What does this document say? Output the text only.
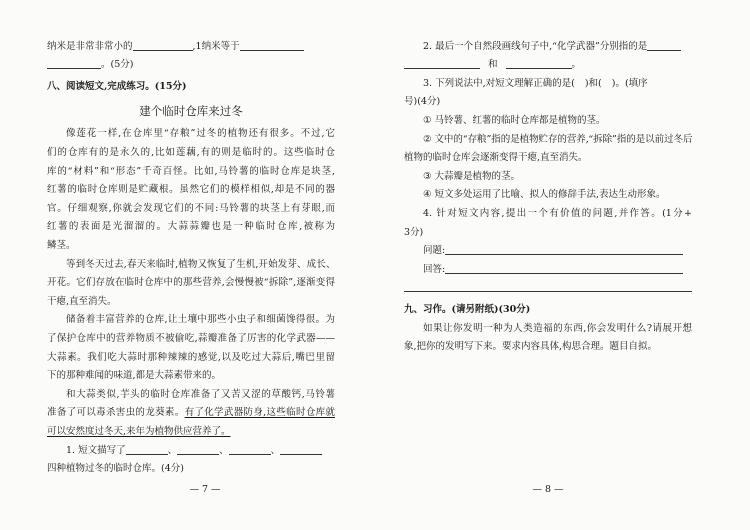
纳米是非常非常小的	,1纳米等于
。(5分)
八、阅读短文,完成练习。(15分)
建个临时仓库来过冬
像莲花一样,在仓库里“存粮”过冬的植物还有很多。不过,它
们的仓库有的是永久的,比如莲藕,有的则是临时的。这些临时仓
库的“材料”和“形态”千奇百怪。比如,马铃薯的临时仓库是块茎,
红薯的临时仓库则是贮藏根。虽然它们的模样相似,却是不同的器
官。仔细观察,你就会发现它们的不同:马铃薯的块茎上有芽眼,而
红薯的表面是光溜溜的。大蒜蒜瓣也是一种临时仓库,被称为
鳞茎。
等到冬天过去,春天来临时,植物又恢复了生机,开始发芽、成长、
开花。它们存放在临时仓库中的那些营养,会慢慢被“拆除”,逐渐变得
干瘪,直至消失。
储备着丰富营养的仓库,让土壤中那些小虫子和细菌馋得很。为
了保护仓库中的营养物质不被偷吃,蒜瓣准备了厉害的化学武器——
大蒜素。我们吃大蒜时那种辣辣的感觉,以及吃过大蒜后,嘴巴里留
下的那种难闻的味道,都是大蒜素带来的。
和大蒜类似,芋头的临时仓库准备了又苦又涩的草酸钙,马铃薯
准备了可以毒杀害虫的龙葵素。有了化学武器防身,这些临时仓库就
可以安然度过冬天,来年为植物供应营养了。
1. 短文描写了	、	、	、
四种植物过冬的临时仓库。(4分)
— 7 —
2. 最后一个自然段画线句子中,“化学武器”分别指的是
和	。
3. 下列说法中,对短文理解正确的是( )和( )。(填序
号)(4分)
① 马铃薯、红薯的临时仓库都是植物的茎。
② 文中的“存粮”指的是植物贮存的营养,“拆除”指的是以前过冬后
植物的临时仓库会逐渐变得干瘪,直至消失。
③ 大蒜瓣是植物的茎。
④ 短文多处运用了比喻、拟人的修辞手法,表达生动形象。
4. 针对短文内容,提出一个有价值的问题,并作答。(1分+
3分)
问题:
回答:
九、习作。(请另附纸)(30分)
如果让你发明一种为人类造福的东西,你会发明什么?请展开想
象,把你的发明写下来。要求内容具体,构思合理。题目自拟。
— 8 —
